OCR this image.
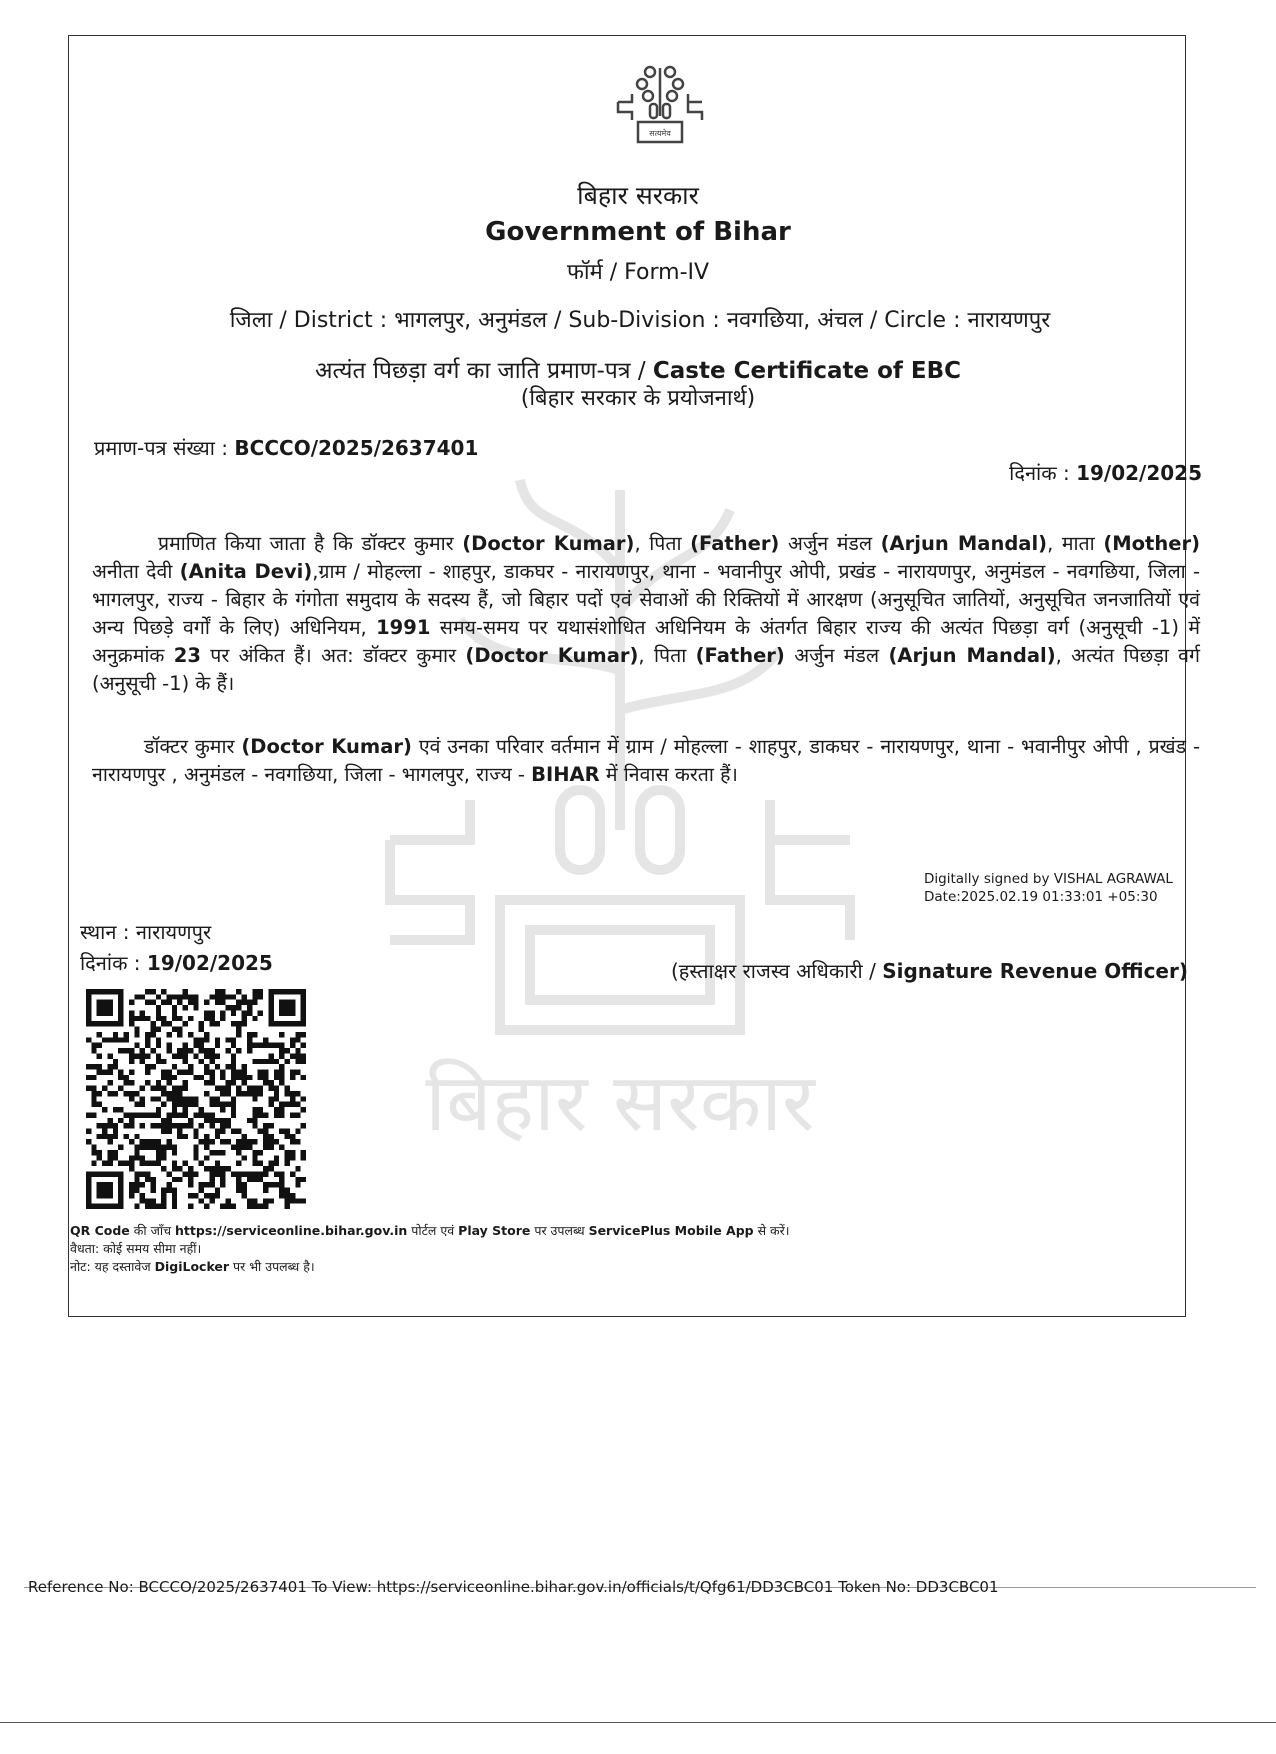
बिहार सरकार
सत्यमेव
बिहार सरकार
Government of Bihar
फॉर्म / Form-IV
जिला / District : भागलपुर, अनुमंडल / Sub-Division : नवगछिया, अंचल / Circle : नारायणपुर
अत्यंत पिछड़ा वर्ग का जाति प्रमाण-पत्र / Caste Certificate of EBC
(बिहार सरकार के प्रयोजनार्थ)
प्रमाण-पत्र संख्या : BCCCO/2025/2637401
दिनांक : 19/02/2025
प्रमाणित किया जाता है कि डॉक्टर कुमार (Doctor Kumar), पिता (Father) अर्जुन मंडल (Arjun Mandal), माता (Mother) अनीता देवी (Anita Devi),ग्राम / मोहल्ला - शाहपुर, डाकघर - नारायणपुर, थाना - भवानीपुर ओपी, प्रखंड - नारायणपुर, अनुमंडल - नवगछिया, जिला - भागलपुर, राज्य - बिहार के गंगोता समुदाय के सदस्य हैं, जो बिहार पदों एवं सेवाओं की रिक्तियों में आरक्षण (अनुसूचित जातियों, अनुसूचित जनजातियों एवं अन्य पिछड़े वर्गों के लिए) अधिनियम, 1991 समय-समय पर यथासंशोधित अधिनियम के अंतर्गत बिहार राज्य की अत्यंत पिछड़ा वर्ग (अनुसूची -1) में अनुक्रमांक 23 पर अंकित हैं। अत: डॉक्टर कुमार (Doctor Kumar), पिता (Father) अर्जुन मंडल (Arjun Mandal), अत्यंत पिछड़ा वर्ग (अनुसूची -1) के हैं।
डॉक्टर कुमार (Doctor Kumar) एवं उनका परिवार वर्तमान में ग्राम / मोहल्ला - शाहपुर, डाकघर - नारायणपुर, थाना - भवानीपुर ओपी , प्रखंड - नारायणपुर , अनुमंडल - नवगछिया, जिला - भागलपुर, राज्य - BIHAR में निवास करता हैं।
Digitally signed by VISHAL AGRAWAL
Date:2025.02.19 01:33:01 +05:30
स्थान : नारायणपुर
दिनांक : 19/02/2025	(हस्ताक्षर राजस्व अधिकारी / Signature Revenue Officer)
QR Code की जाँच https://serviceonline.bihar.gov.in पोर्टल एवं Play Store पर उपलब्ध ServicePlus Mobile App से करें।
वैधता: कोई समय सीमा नहीं।
नोट: यह दस्तावेज DigiLocker पर भी उपलब्ध है।
Reference No: BCCCO/2025/2637401 To View: https://serviceonline.bihar.gov.in/officials/t/Qfg61/DD3CBC01 Token No: DD3CBC01
